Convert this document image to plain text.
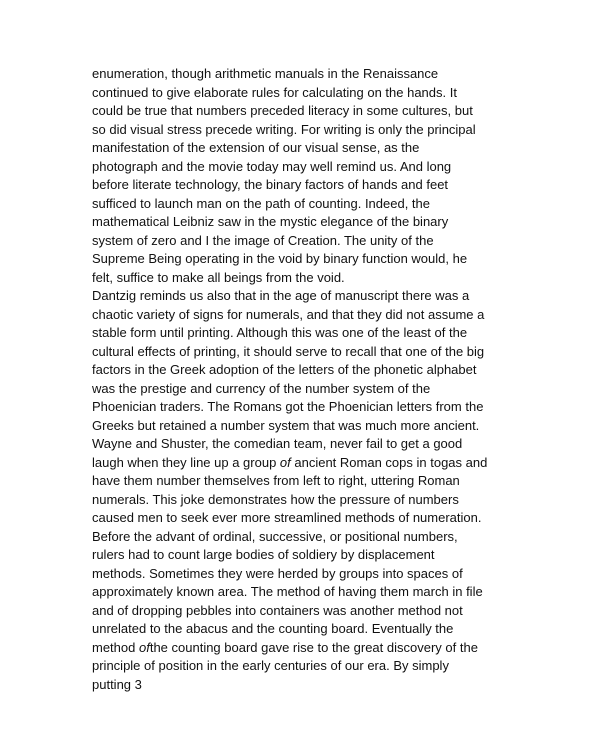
enumeration, though arithmetic manuals in the Renaissance
continued to give elaborate rules for calculating on the hands. It
could be true that numbers preceded literacy in some cultures, but
so did visual stress precede writing. For writing is only the principal
manifestation of the extension of our visual sense, as the
photograph and the movie today may well remind us. And long
before literate technology, the binary factors of hands and feet
sufficed to launch man on the path of counting. Indeed, the
mathematical Leibniz saw in the mystic elegance of the binary
system of zero and I the image of Creation. The unity of the
Supreme Being operating in the void by binary function would, he
felt, suffice to make all beings from the void.
Dantzig reminds us also that in the age of manuscript there was a
chaotic variety of signs for numerals, and that they did not assume a
stable form until printing. Although this was one of the least of the
cultural effects of printing, it should serve to recall that one of the big
factors in the Greek adoption of the letters of the phonetic alphabet
was the prestige and currency of the number system of the
Phoenician traders. The Romans got the Phoenician letters from the
Greeks but retained a number system that was much more ancient.
Wayne and Shuster, the comedian team, never fail to get a good
laugh when they line up a group of ancient Roman cops in togas and
have them number themselves from left to right, uttering Roman
numerals. This joke demonstrates how the pressure of numbers
caused men to seek ever more streamlined methods of numeration.
Before the advant of ordinal, successive, or positional numbers,
rulers had to count large bodies of soldiery by displacement
methods. Sometimes they were herded by groups into spaces of
approximately known area. The method of having them march in file
and of dropping pebbles into containers was another method not
unrelated to the abacus and the counting board. Eventually the
method ofthe counting board gave rise to the great discovery of the
principle of position in the early centuries of our era. By simply
putting 3
